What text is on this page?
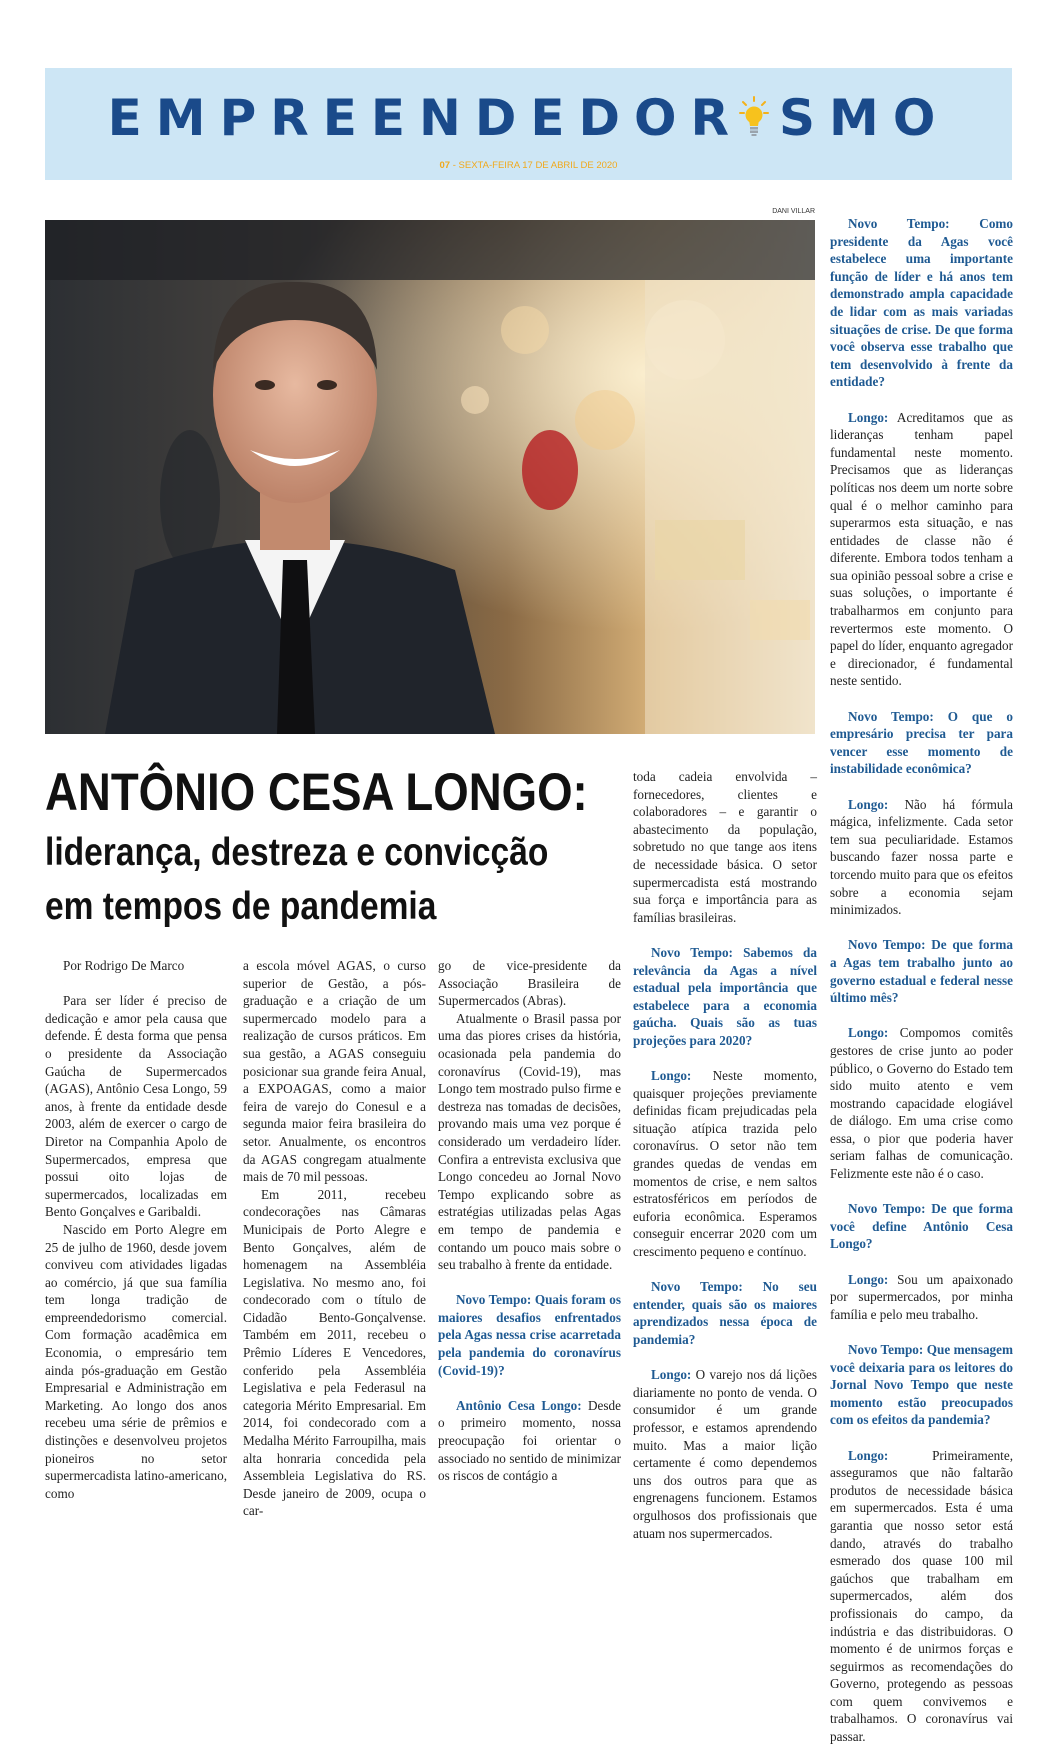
EMPREENDEDOR SMO
07 - SEXTA-FEIRA 17 DE ABRIL DE 2020
DANI VILLAR
ANTÔNIO CESA LONGO:
liderança, destreza e convicção em tempos de pandemia

Por Rodrigo De Marco

Para ser líder é preciso de dedicação e amor pela causa que defende. É desta forma que pensa o presidente da Associação Gaúcha de Supermercados (AGAS), Antônio Cesa Longo, 59 anos, à frente da entidade desde 2003, além de exercer o cargo de Diretor na Companhia Apolo de Supermercados, empresa que possui oito lojas de supermercados, localizadas em Bento Gonçalves e Garibaldi.

Nascido em Porto Alegre em 25 de julho de 1960, desde jovem conviveu com atividades ligadas ao comércio, já que sua família tem longa tradição de empreendedorismo comercial. Com formação acadêmica em Economia, o empresário tem ainda pós-graduação em Gestão Empresarial e Administração em Marketing. Ao longo dos anos recebeu uma série de prêmios e distinções e desenvolveu projetos pioneiros no setor supermercadista latino-americano, como

a escola móvel AGAS, o curso superior de Gestão, a pós-graduação e a criação de um supermercado modelo para a realização de cursos práticos. Em sua gestão, a AGAS conseguiu posicionar sua grande feira Anual, a EXPOAGAS, como a maior feira de varejo do Conesul e a segunda maior feira brasileira do setor. Anualmente, os encontros da AGAS congregam atualmente mais de 70 mil pessoas.

Em 2011, recebeu condecorações nas Câmaras Municipais de Porto Alegre e Bento Gonçalves, além de homenagem na Assembléia Legislativa. No mesmo ano, foi condecorado com o título de Cidadão Bento-Gonçalvense. Também em 2011, recebeu o Prêmio Líderes E Vencedores, conferido pela Assembléia Legislativa e pela Federasul na categoria Mérito Empresarial. Em 2014, foi condecorado com a Medalha Mérito Farroupilha, mais alta honraria concedida pela Assembleia Legislativa do RS. Desde janeiro de 2009, ocupa o car-

go de vice-presidente da Associação Brasileira de Supermercados (Abras).

Atualmente o Brasil passa por uma das piores crises da história, ocasionada pela pandemia do coronavírus (Covid-19), mas Longo tem mostrado pulso firme e destreza nas tomadas de decisões, provando mais uma vez porque é considerado um verdadeiro líder. Confira a entrevista exclusiva que Longo concedeu ao Jornal Novo Tempo explicando sobre as estratégias utilizadas pelas Agas em tempo de pandemia e contando um pouco mais sobre o seu trabalho à frente da entidade.

Novo Tempo: Quais foram os maiores desafios enfrentados pela Agas nessa crise acarretada pela pandemia do coronavírus (Covid-19)?

Antônio Cesa Longo: Desde o primeiro momento, nossa preocupação foi orientar o associado no sentido de minimizar os riscos de contágio a

toda cadeia envolvida – fornecedores, clientes e colaboradores – e garantir o abastecimento da população, sobretudo no que tange aos itens de necessidade básica. O setor supermercadista está mostrando sua força e importância para as famílias brasileiras.

Novo Tempo: Sabemos da relevância da Agas a nível estadual pela importância que estabelece para a economia gaúcha. Quais são as tuas projeções para 2020?

Longo: Neste momento, quaisquer projeções previamente definidas ficam prejudicadas pela situação atípica trazida pelo coronavírus. O setor não tem grandes quedas de vendas em momentos de crise, e nem saltos estratosféricos em períodos de euforia econômica. Esperamos conseguir encerrar 2020 com um crescimento pequeno e contínuo.

Novo Tempo: No seu entender, quais são os maiores aprendizados nessa época de pandemia?

Longo: O varejo nos dá lições diariamente no ponto de venda. O consumidor é um grande professor, e estamos aprendendo muito. Mas a maior lição certamente é como dependemos uns dos outros para que as engrenagens funcionem. Estamos orgulhosos dos profissionais que atuam nos supermercados.

Novo Tempo: Como presidente da Agas você estabelece uma importante função de líder e há anos tem demonstrado ampla capacidade de lidar com as mais variadas situações de crise. De que forma você observa esse trabalho que tem desenvolvido à frente da entidade?

Longo: Acreditamos que as lideranças tenham papel fundamental neste momento. Precisamos que as lideranças políticas nos deem um norte sobre qual é o melhor caminho para superarmos esta situação, e nas entidades de classe não é diferente. Embora todos tenham a sua opinião pessoal sobre a crise e suas soluções, o importante é trabalharmos em conjunto para revertermos este momento. O papel do líder, enquanto agregador e direcionador, é fundamental neste sentido.

Novo Tempo: O que o empresário precisa ter para vencer esse momento de instabilidade econômica?

Longo: Não há fórmula mágica, infelizmente. Cada setor tem sua peculiaridade. Estamos buscando fazer nossa parte e torcendo muito para que os efeitos sobre a economia sejam minimizados.

Novo Tempo: De que forma a Agas tem trabalho junto ao governo estadual e federal nesse último mês?

Longo: Compomos comitês gestores de crise junto ao poder público, o Governo do Estado tem sido muito atento e vem mostrando capacidade elogiável de diálogo. Em uma crise como essa, o pior que poderia haver seriam falhas de comunicação. Felizmente este não é o caso.

Novo Tempo: De que forma você define Antônio Cesa Longo?

Longo: Sou um apaixonado por supermercados, por minha família e pelo meu trabalho.

Novo Tempo: Que mensagem você deixaria para os leitores do Jornal Novo Tempo que neste momento estão preocupados com os efeitos da pandemia?

Longo: Primeiramente, asseguramos que não faltarão produtos de necessidade básica em supermercados. Esta é uma garantia que nosso setor está dando, através do trabalho esmerado dos quase 100 mil gaúchos que trabalham em supermercados, além dos profissionais do campo, da indústria e das distribuidoras. O momento é de unirmos forças e seguirmos as recomendações do Governo, protegendo as pessoas com quem convivemos e trabalhamos. O coronavírus vai passar.
